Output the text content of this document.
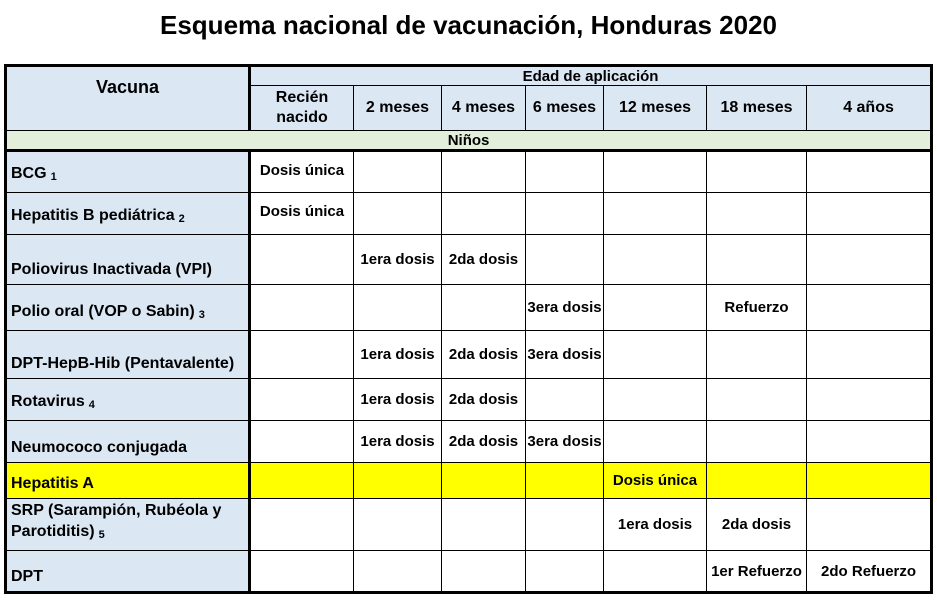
Esquema nacional de vacunación, Honduras 2020
Vacuna	Edad de aplicación						
	Recién nacido	2 meses	4 meses	6 meses	12 meses	18 meses	4 años
Niños							
BCG $_1$	Dosis única						
Hepatitis B pediátrica $_2$	Dosis única						
Poliovirus Inactivada (VPI)		1era dosis	2da dosis				
Polio oral (VOP o Sabin) $_3$				3era dosis		Refuerzo	
DPT-HepB-Hib (Pentavalente)		1era dosis	2da dosis	3era dosis			
Rotavirus $_4$		1era dosis	2da dosis				
Neumococo conjugada		1era dosis	2da dosis	3era dosis			
Hepatitis A					Dosis única		
SRP (Sarampión, Rubéola y Parotiditis) $_5$					1era dosis	2da dosis	
DPT						1er Refuerzo	2do Refuerzo
